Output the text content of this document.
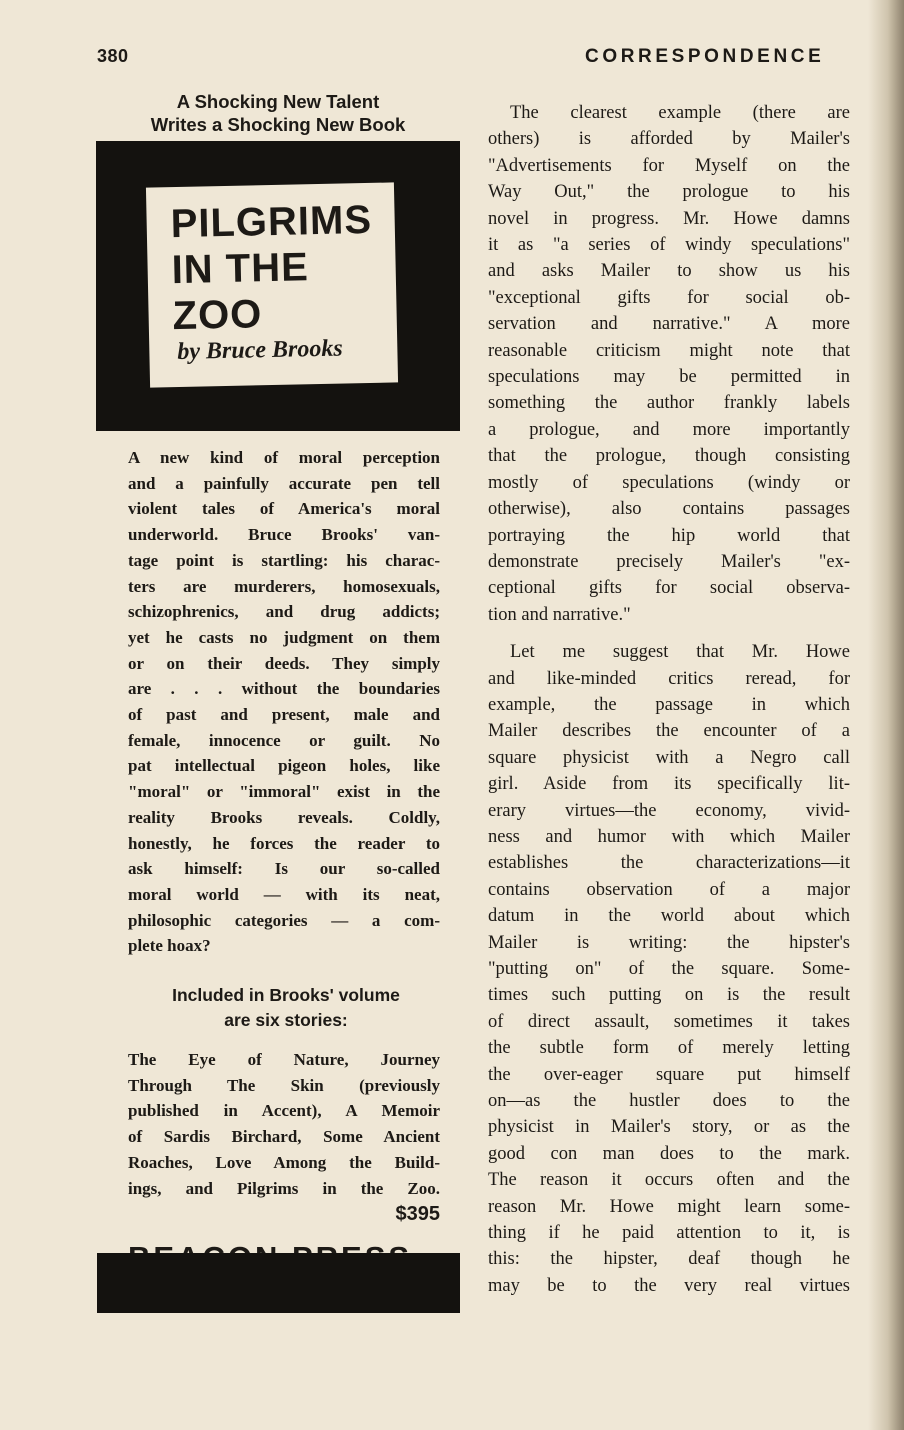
380	CORRESPONDENCE
A Shocking New Talent
Writes a Shocking New Book
PILGRIMS
IN THE
ZOO
by Bruce Brooks
A new kind of moral perception
and a painfully accurate pen tell
violent tales of America's moral
underworld. Bruce Brooks' van-
tage point is startling: his charac-
ters are murderers, homosexuals,
schizophrenics, and drug addicts;
yet he casts no judgment on them
or on their deeds. They simply
are . . . without the boundaries
of past and present, male and
female, innocence or guilt. No
pat intellectual pigeon holes, like
"moral" or "immoral" exist in the
reality Brooks reveals. Coldly,
honestly, he forces the reader to
ask himself: Is our so-called
moral world — with its neat,
philosophic categories — a com-
plete hoax?
Included in Brooks' volume
are six stories:
The Eye of Nature, Journey
Through The Skin (previously
published in Accent), A Memoir
of Sardis Birchard, Some Ancient
Roaches, Love Among the Build-
ings, and Pilgrims in the Zoo.
$395
The clearest example (there are
others) is afforded by Mailer's
"Advertisements for Myself on the
Way Out," the prologue to his
novel in progress. Mr. Howe damns
it as "a series of windy speculations"
and asks Mailer to show us his
"exceptional gifts for social ob-
servation and narrative." A more
reasonable criticism might note that
speculations may be permitted in
something the author frankly labels
a prologue, and more importantly
that the prologue, though consisting
mostly of speculations (windy or
otherwise), also contains passages
portraying the hip world that
demonstrate precisely Mailer's "ex-
ceptional gifts for social observa-
tion and narrative."
Let me suggest that Mr. Howe
and like-minded critics reread, for
example, the passage in which
Mailer describes the encounter of a
square physicist with a Negro call
girl. Aside from its specifically lit-
erary virtues—the economy, vivid-
ness and humor with which Mailer
establishes the characterizations—it
contains observation of a major
datum in the world about which
Mailer is writing: the hipster's
"putting on" of the square. Some-
times such putting on is the result
of direct assault, sometimes it takes
the subtle form of merely letting
the over-eager square put himself
on—as the hustler does to the
physicist in Mailer's story, or as the
good con man does to the mark.
The reason it occurs often and the
reason Mr. Howe might learn some-
thing if he paid attention to it, is
this: the hipster, deaf though he
may be to the very real virtues
